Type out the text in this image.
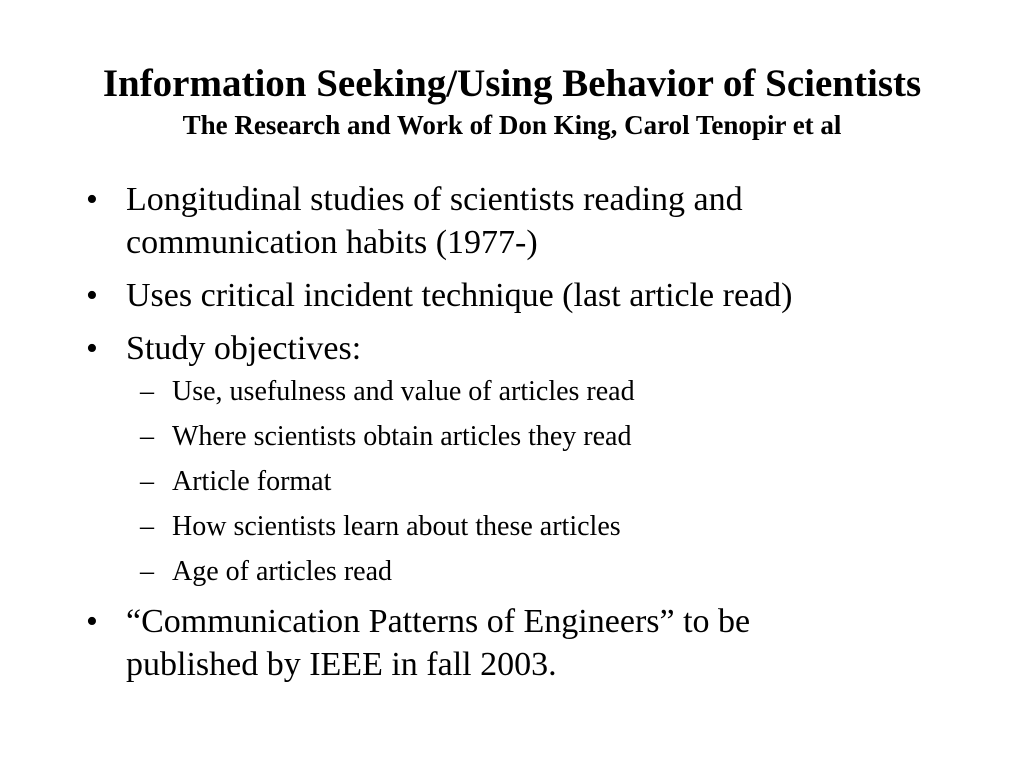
Information Seeking/Using Behavior of Scientists
The Research and Work of Don King, Carol Tenopir et al
• Longitudinal studies of scientists reading and
communication habits (1977-)
• Uses critical incident technique (last article read)
• Study objectives:
– Use, usefulness and value of articles read
– Where scientists obtain articles they read
– Article format
– How scientists learn about these articles
– Age of articles read
• “Communication Patterns of Engineers” to be
published by IEEE in fall 2003.
